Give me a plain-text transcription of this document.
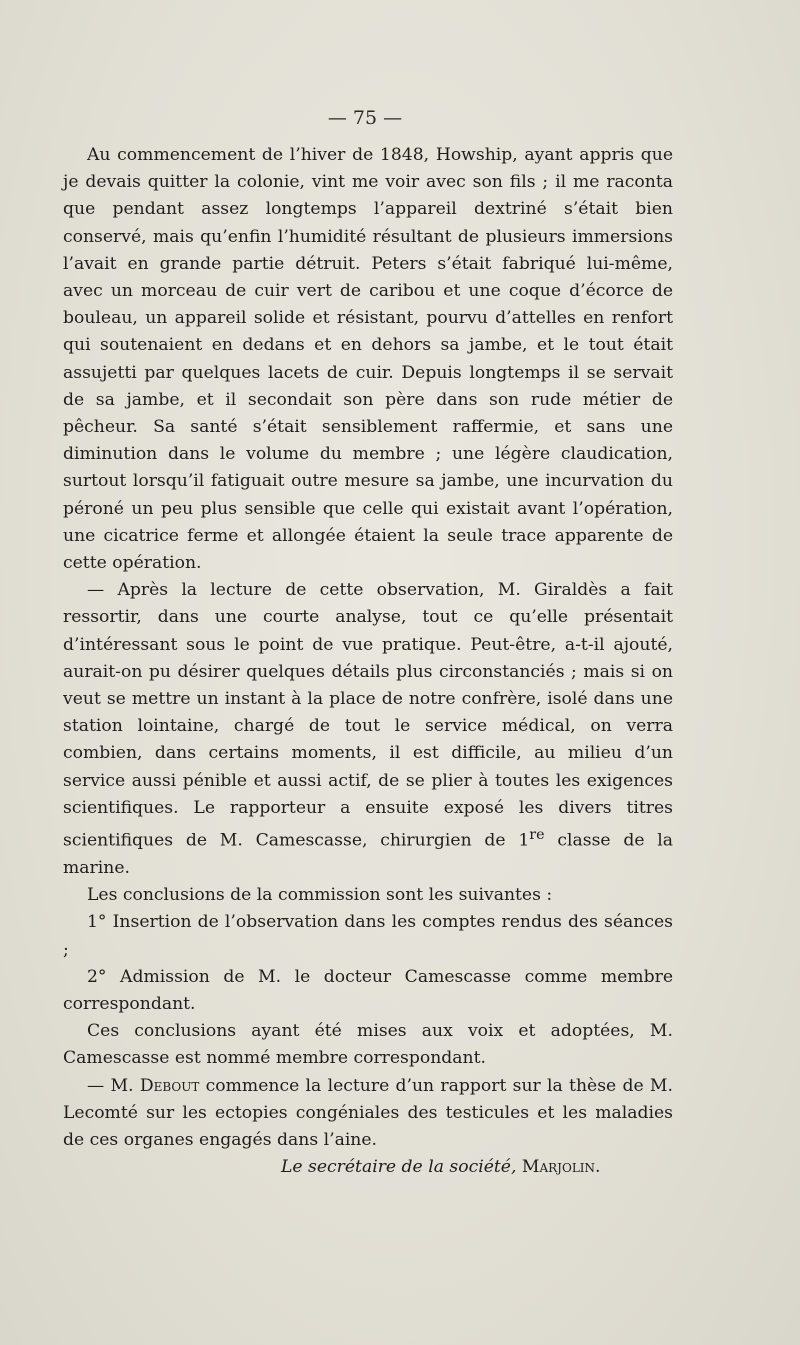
— 75 —

Au commencement de l’hiver de 1848, Howship, ayant appris que je devais quitter la colonie, vint me voir avec son fils ; il me raconta que pendant assez longtemps l’appareil dextriné s’était bien conservé, mais qu’enfin l’humidité résultant de plusieurs immersions l’avait en grande partie détruit. Peters s’était fabriqué lui-même, avec un morceau de cuir vert de caribou et une coque d’écorce de bouleau, un appareil solide et résistant, pourvu d’attelles en renfort qui soutenaient en dedans et en dehors sa jambe, et le tout était assujetti par quelques lacets de cuir. Depuis longtemps il se servait de sa jambe, et il secondait son père dans son rude métier de pêcheur. Sa santé s’était sensiblement raffermie, et sans une diminution dans le volume du membre ; une légère claudication, surtout lorsqu’il fatiguait outre mesure sa jambe, une incurvation du péroné un peu plus sensible que celle qui existait avant l’opération, une cicatrice ferme et allongée étaient la seule trace apparente de cette opération.

— Après la lecture de cette observation, M. Giraldès a fait ressortir, dans une courte analyse, tout ce qu’elle présentait d’intéressant sous le point de vue pratique. Peut-être, a-t-il ajouté, aurait-on pu désirer quelques détails plus circonstanciés ; mais si on veut se mettre un instant à la place de notre confrère, isolé dans une station lointaine, chargé de tout le service médical, on verra combien, dans certains moments, il est difficile, au milieu d’un service aussi pénible et aussi actif, de se plier à toutes les exigences scientifiques. Le rapporteur a ensuite exposé les divers titres scientifiques de M. Camescasse, chirurgien de 1re classe de la marine.

Les conclusions de la commission sont les suivantes :

1° Insertion de l’observation dans les comptes rendus des séances ;

2° Admission de M. le docteur Camescasse comme membre correspondant.

Ces conclusions ayant été mises aux voix et adoptées, M. Camescasse est nommé membre correspondant.

— M. Debout commence la lecture d’un rapport sur la thèse de M. Lecomté sur les ectopies congéniales des testicules et les maladies de ces organes engagés dans l’aine.

Le secrétaire de la société, Marjolin.
